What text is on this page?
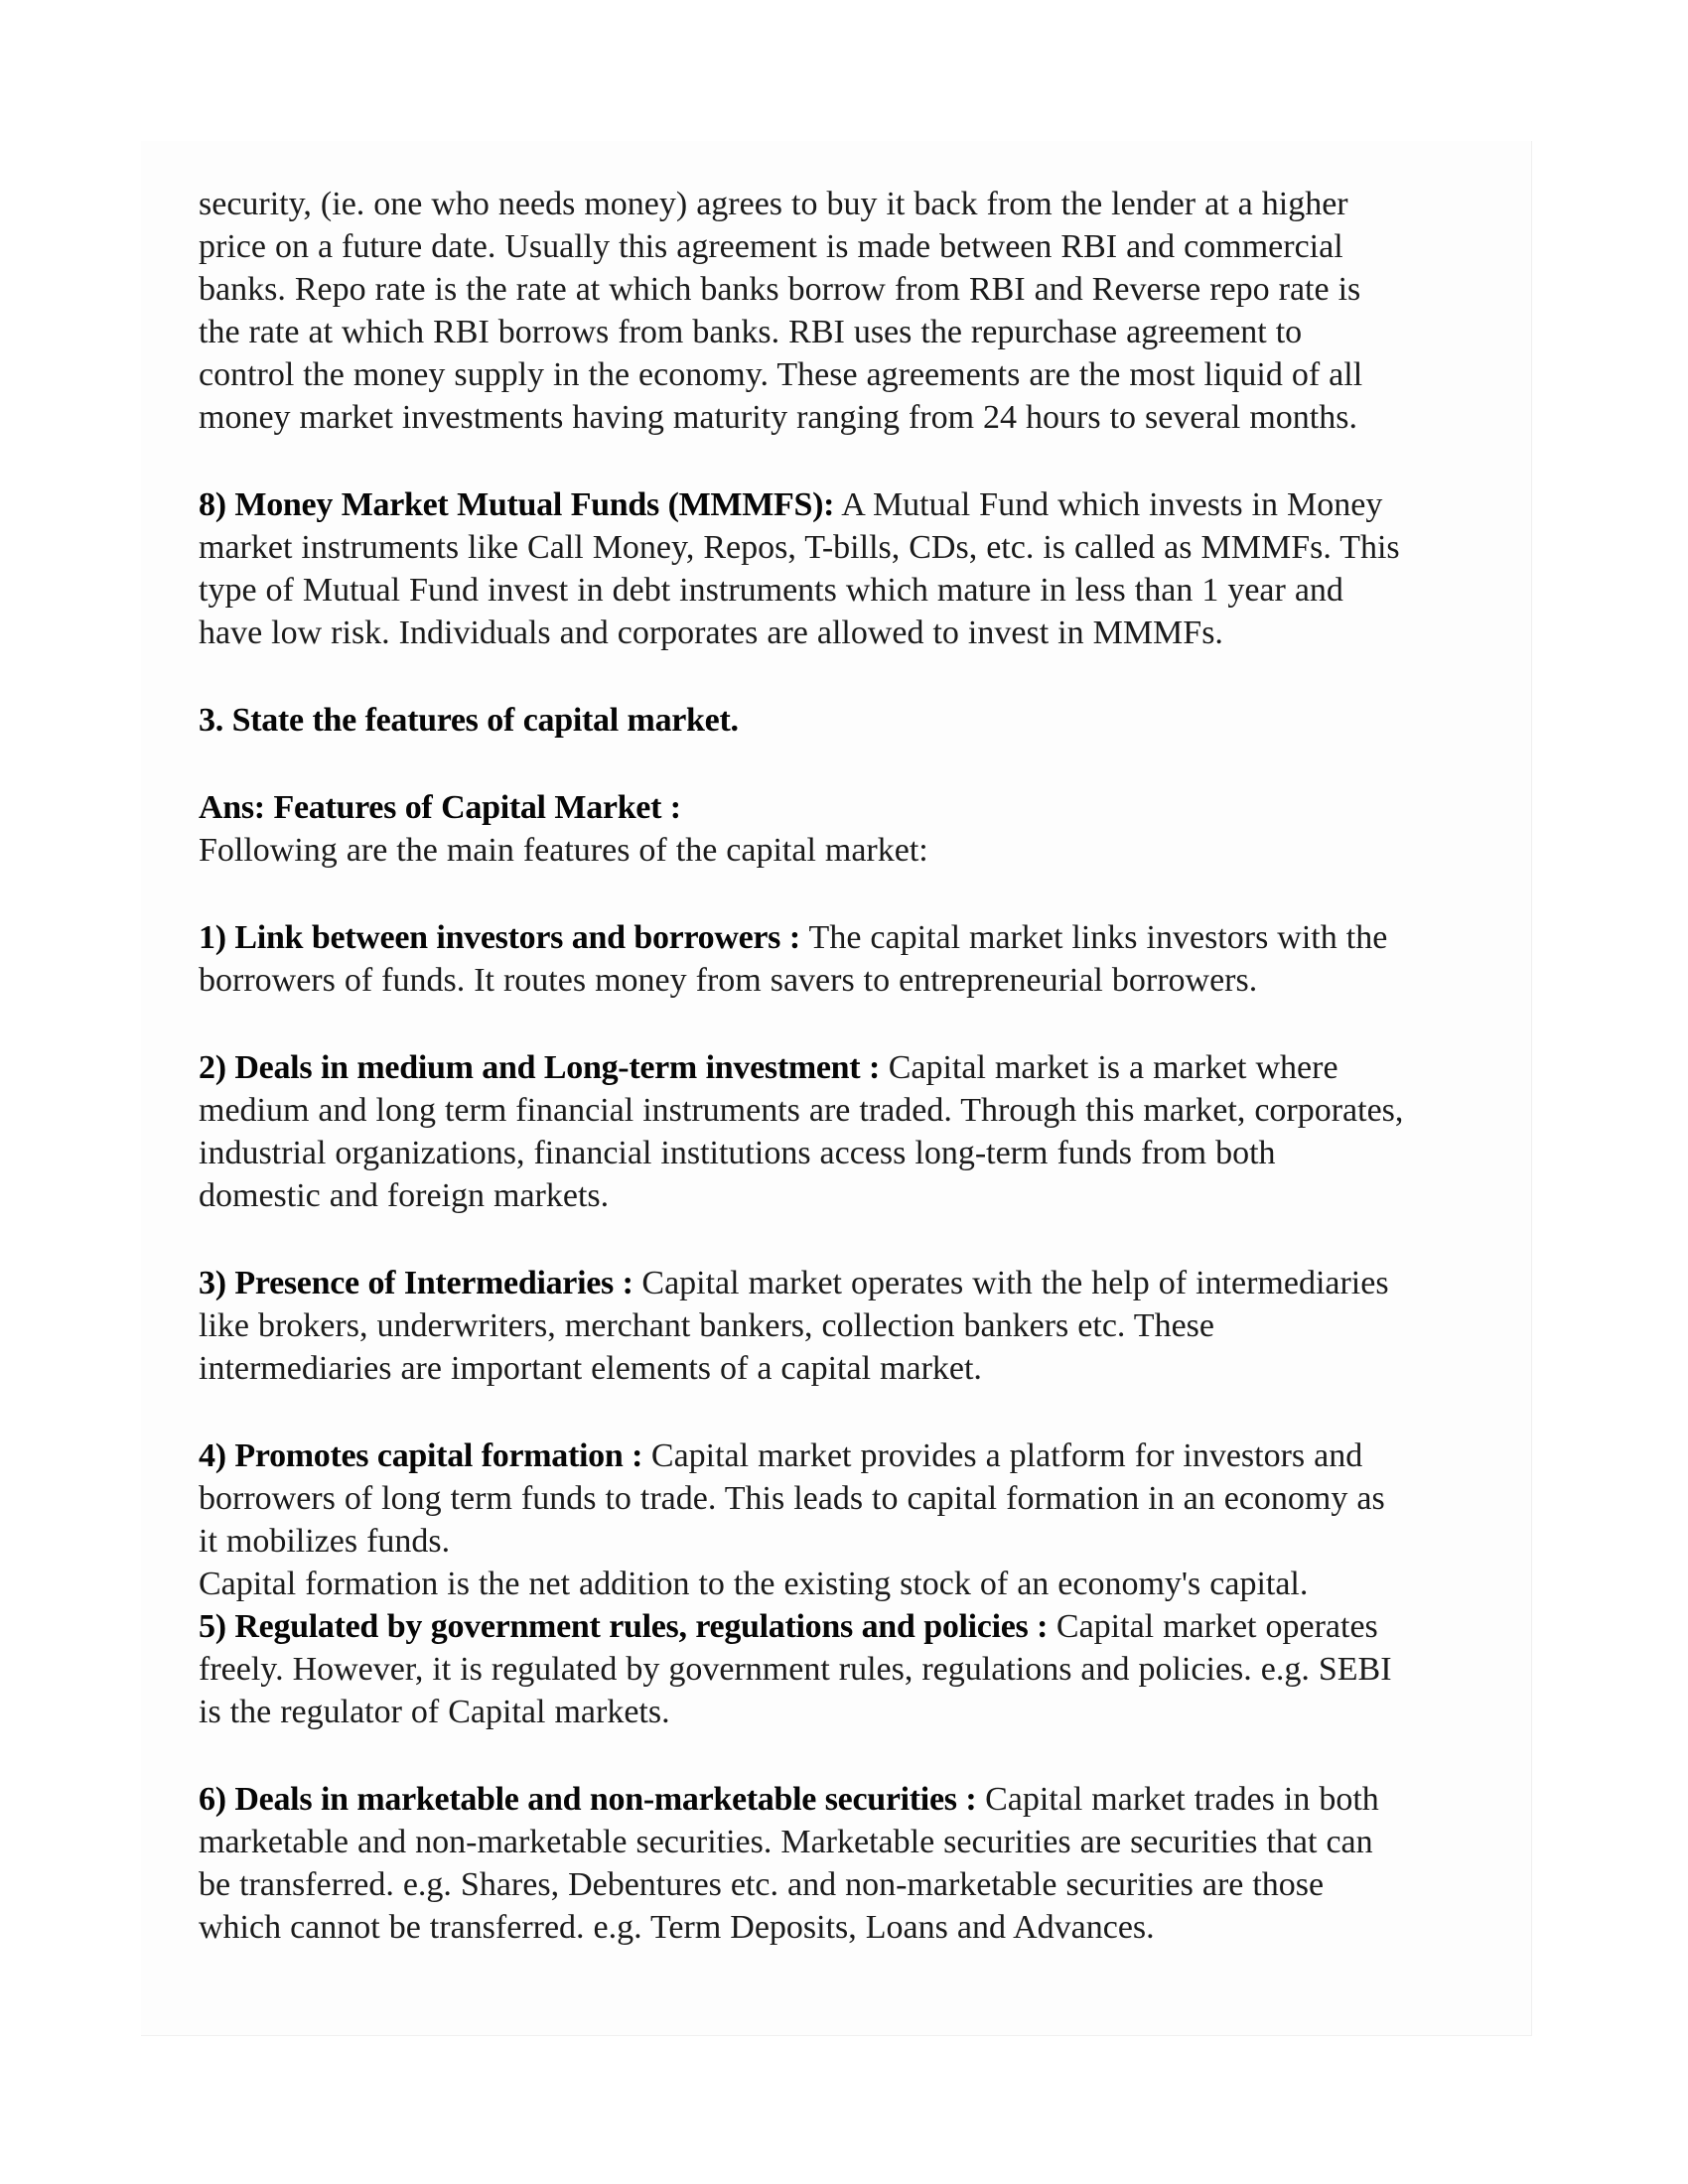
security, (ie. one who needs money) agrees to buy it back from the lender at a higher price on a future date. Usually this agreement is made between RBI and commercial banks. Repo rate is the rate at which banks borrow from RBI and Reverse repo rate is the rate at which RBI borrows from banks. RBI uses the repurchase agreement to control the money supply in the economy. These agreements are the most liquid of all money market investments having maturity ranging from 24 hours to several months.

8) Money Market Mutual Funds (MMMFS): A Mutual Fund which invests in Money market instruments like Call Money, Repos, T-bills, CDs, etc. is called as MMMFs. This type of Mutual Fund invest in debt instruments which mature in less than 1 year and have low risk. Individuals and corporates are allowed to invest in MMMFs.

3. State the features of capital market.

Ans: Features of Capital Market :
Following are the main features of the capital market:

1) Link between investors and borrowers : The capital market links investors with the borrowers of funds. It routes money from savers to entrepreneurial borrowers.

2) Deals in medium and Long-term investment : Capital market is a market where medium and long term financial instruments are traded. Through this market, corporates, industrial organizations, financial institutions access long-term funds from both domestic and foreign markets.

3) Presence of Intermediaries : Capital market operates with the help of intermediaries like brokers, underwriters, merchant bankers, collection bankers etc. These intermediaries are important elements of a capital market.

4) Promotes capital formation : Capital market provides a platform for investors and borrowers of long term funds to trade. This leads to capital formation in an economy as it mobilizes funds.
Capital formation is the net addition to the existing stock of an economy's capital.
5) Regulated by government rules, regulations and policies : Capital market operates freely. However, it is regulated by government rules, regulations and policies. e.g. SEBI is the regulator of Capital markets.

6) Deals in marketable and non-marketable securities : Capital market trades in both marketable and non-marketable securities. Marketable securities are securities that can be transferred. e.g. Shares, Debentures etc. and non-marketable securities are those which cannot be transferred. e.g. Term Deposits, Loans and Advances.
